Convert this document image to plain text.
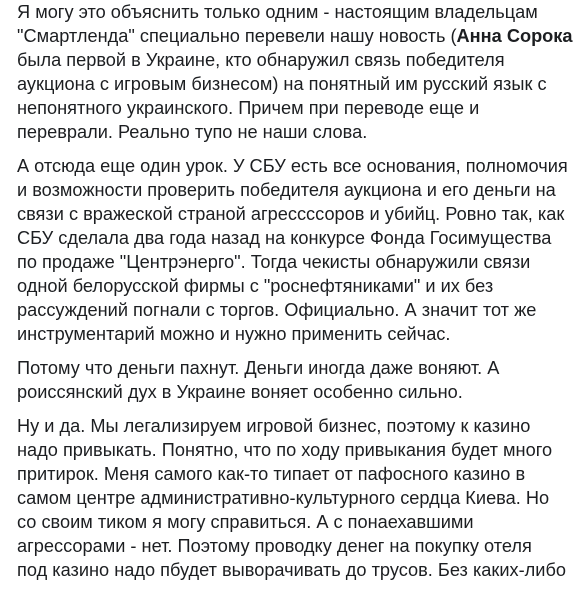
Я могу это объяснить только одним - настоящим владельцам
"Смартленда" специально перевели нашу новость (Анна Сорока
была первой в Украине, кто обнаружил связь победителя
аукциона с игровым бизнесом) на понятный им русский язык с
непонятного украинского. Причем при переводе еще и
переврали. Реально тупо не наши слова.

А отсюда еще один урок. У СБУ есть все основания, полномочия
и возможности проверить победителя аукциона и его деньги на
связи с вражеской страной агрессссоров и убийц. Ровно так, как
СБУ сделала два года назад на конкурсе Фонда Госимущества
по продаже "Центрэнерго". Тогда чекисты обнаружили связи
одной белорусской фирмы с "роснефтяниками" и их без
рассуждений погнали с торгов. Официально. А значит тот же
инструментарий можно и нужно применить сейчас.

Потому что деньги пахнут. Деньги иногда даже воняют. А
роиссянский дух в Украине воняет особенно сильно.

Ну и да. Мы легализируем игровой бизнес, поэтому к казино
надо привыкать. Понятно, что по ходу привыкания будет много
притирок. Меня самого как-то типает от пафосного казино в
самом центре административно-культурного сердца Киева. Но
со своим тиком я могу справиться. А с понаехавшими
агрессорами - нет. Поэтому проводку денег на покупку отеля
под казино надо пбудет выворачивать до трусов. Без каких-либо
